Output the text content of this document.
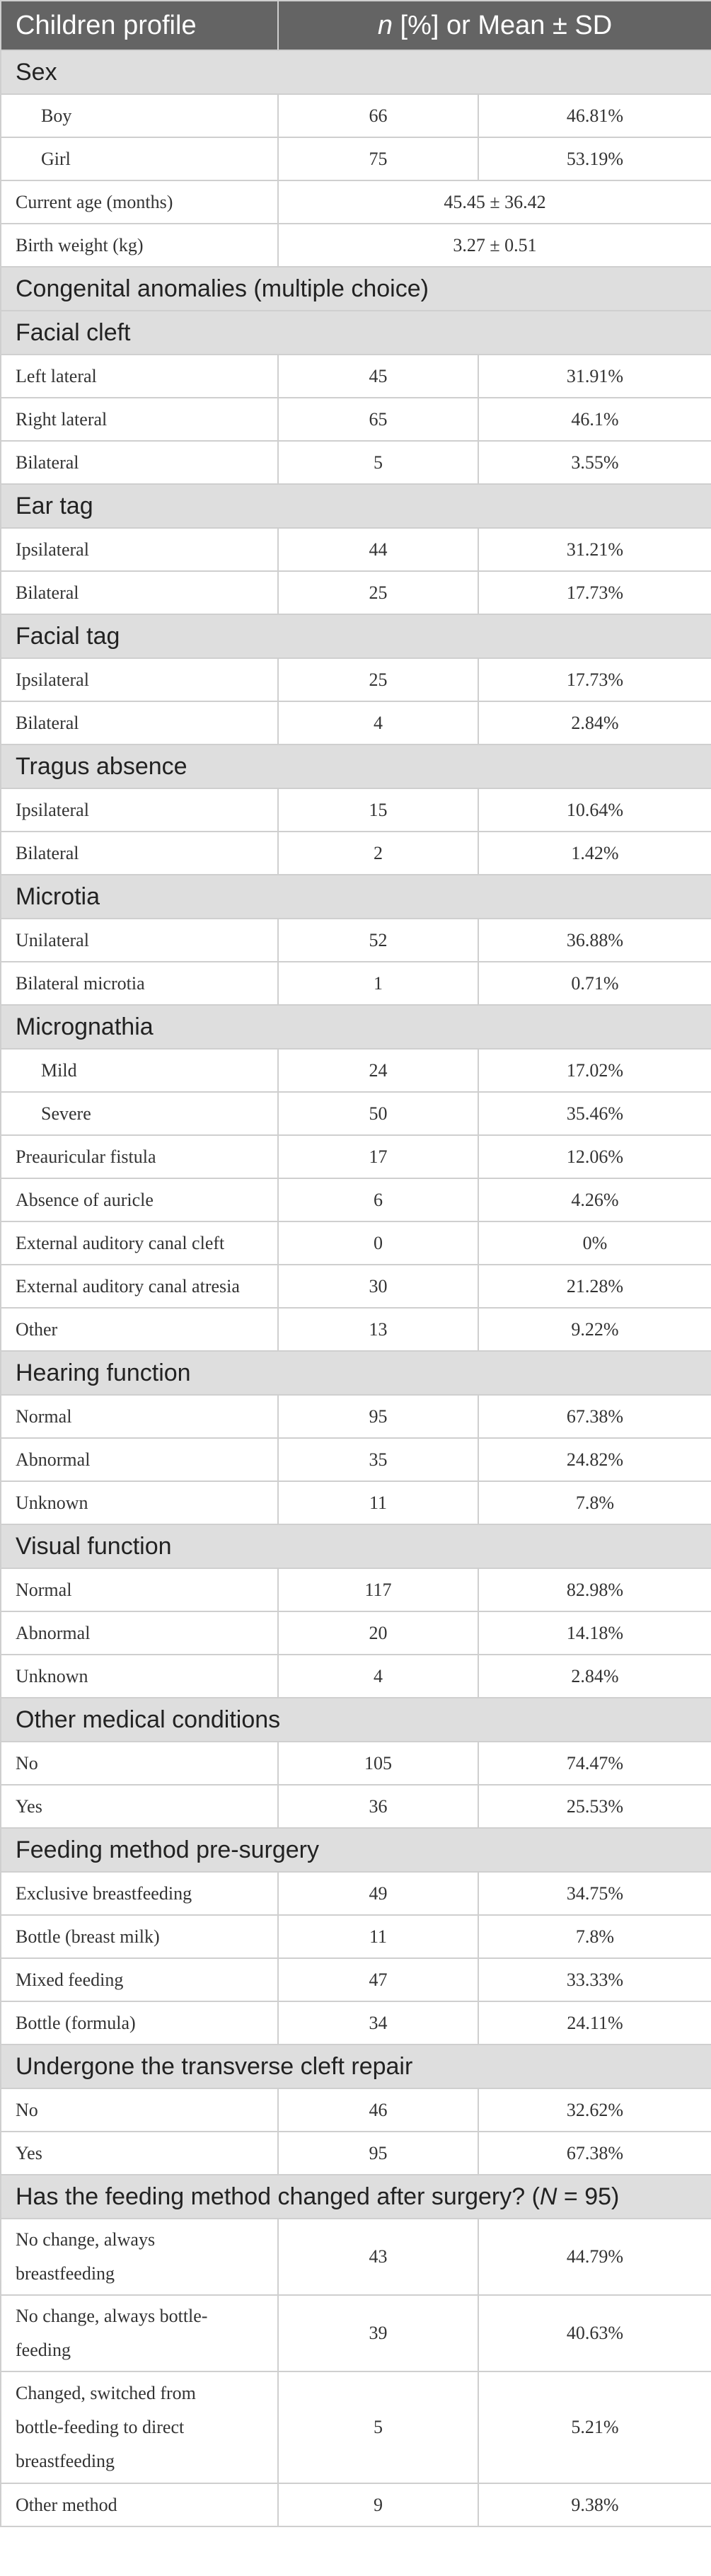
Children profile	n [%] or Mean ± SD	
Sex		
Boy	66	46.81%
Girl	75	53.19%
Current age (months)	45.45 ± 36.42	
Birth weight (kg)	3.27 ± 0.51	
Congenital anomalies (multiple choice)		
Facial cleft		
Left lateral	45	31.91%
Right lateral	65	46.1%
Bilateral	5	3.55%
Ear tag		
Ipsilateral	44	31.21%
Bilateral	25	17.73%
Facial tag		
Ipsilateral	25	17.73%
Bilateral	4	2.84%
Tragus absence		
Ipsilateral	15	10.64%
Bilateral	2	1.42%
Microtia		
Unilateral	52	36.88%
Bilateral microtia	1	0.71%
Micrognathia		
Mild	24	17.02%
Severe	50	35.46%
Preauricular fistula	17	12.06%
Absence of auricle	6	4.26%
External auditory canal cleft	0	0%
External auditory canal atresia	30	21.28%
Other	13	9.22%
Hearing function		
Normal	95	67.38%
Abnormal	35	24.82%
Unknown	11	7.8%
Visual function		
Normal	117	82.98%
Abnormal	20	14.18%
Unknown	4	2.84%
Other medical conditions		
No	105	74.47%
Yes	36	25.53%
Feeding method pre-surgery		
Exclusive breastfeeding	49	34.75%
Bottle (breast milk)	11	7.8%
Mixed feeding	47	33.33%
Bottle (formula)	34	24.11%
Undergone the transverse cleft repair		
No	46	32.62%
Yes	95	67.38%
Has the feeding method changed after surgery? (N = 95)		

No change, always
breastfeeding	43	44.79%

No change, always bottle-
feeding	39	40.63%

Changed, switched from
bottle-feeding to direct
breastfeeding	5	5.21%
Other method	9	9.38%
